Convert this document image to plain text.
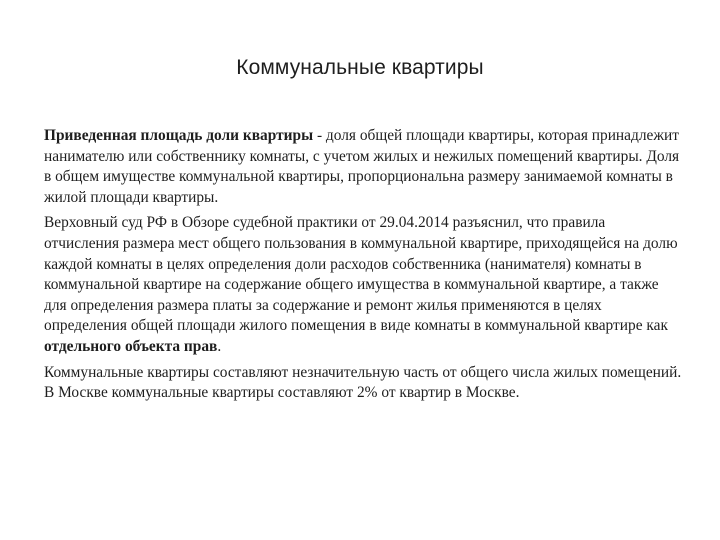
Коммунальные квартиры

Приведенная площадь доли квартиры - доля общей площади квартиры, которая принадлежит нанимателю или собственнику комнаты, с учетом жилых и нежилых помещений квартиры. Доля в общем имуществе коммунальной квартиры, пропорциональна размеру занимаемой комнаты в жилой площади квартиры.

Верховный суд РФ в Обзоре судебной практики от 29.04.2014 разъяснил, что правила отчисления размера мест общего пользования в коммунальной квартире, приходящейся на долю каждой комнаты в целях определения доли расходов собственника (нанимателя) комнаты в коммунальной квартире на содержание общего имущества в коммунальной квартире, а также для определения размера платы за содержание и ремонт жилья применяются в целях определения общей площади жилого помещения в виде комнаты в коммунальной квартире как отдельного объекта прав.

Коммунальные квартиры составляют незначительную часть от общего числа жилых помещений. В Москве коммунальные квартиры составляют 2% от квартир в Москве.
